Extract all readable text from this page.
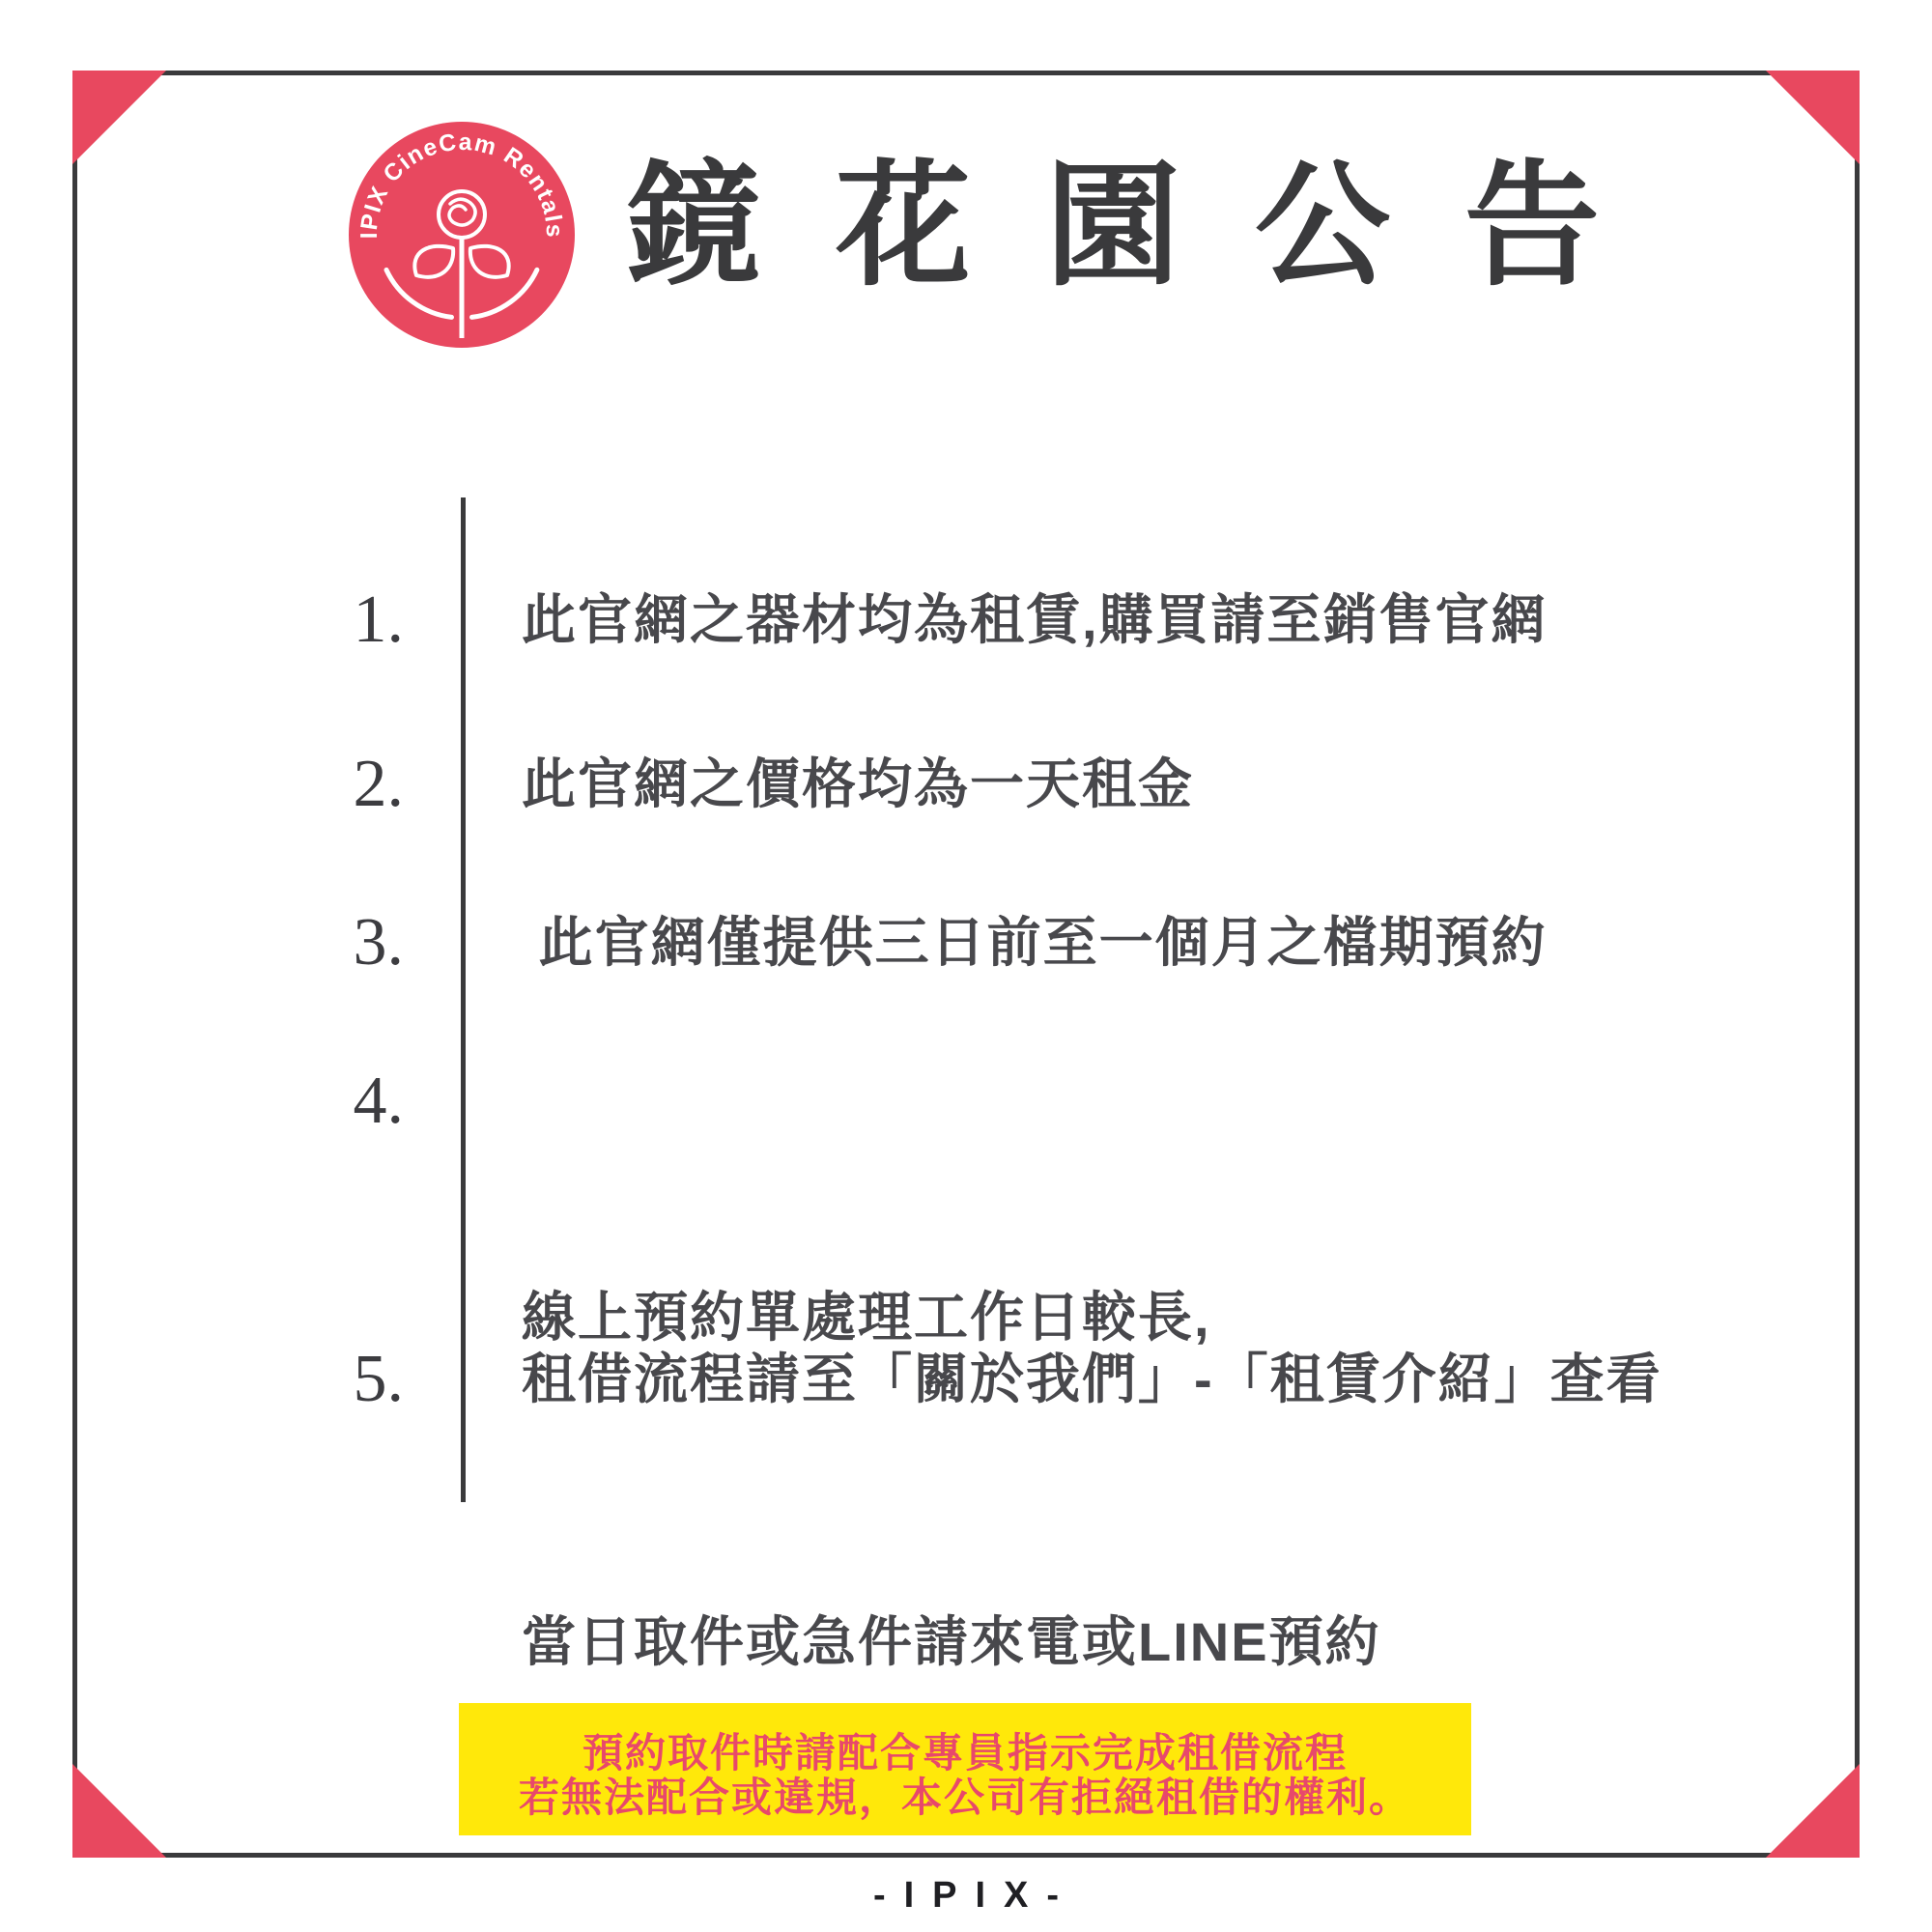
IPIX CineCam Rentals 鏡花園公告
1. 此官網之器材均為租賃,購買請至銷售官網
2. 此官網之價格均為一天租金
3. 此官網僅提供三日前至一個月之檔期預約
4.

線上預約單處理工作日較長,

當日取件或急件請來電或LINE預約

5. 租借流程請至「關於我們」-「租賃介紹」查看
預約取件時請配合專員指示完成租借流程
若無法配合或違規，本公司有拒絕租借的權利。
-IPIX-
